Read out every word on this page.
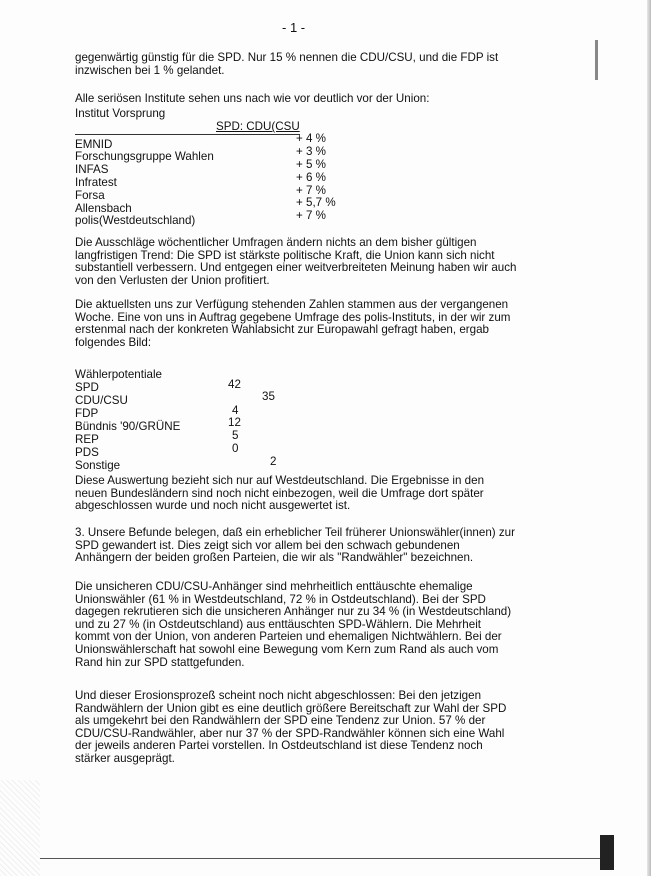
- 1 -

gegenwärtig günstig für die SPD. Nur 15 % nennen die CDU/CSU, und die FDP ist

inzwischen bei 1 % gelandet.

Alle seriösen Institute sehen uns nach wie vor deutlich vor der Union:
Institut Vorsprung
SPD: CDU(CSU
EMNID
Forschungsgruppe Wahlen
INFAS
Infratest
Forsa
Allensbach
polis(Westdeutschland)
+ 4 %
+ 3 %
+ 5 %
+ 6 %
+ 7 %
+ 5,7 %
+ 7 %

Die Ausschläge wöchentlicher Umfragen ändern nichts an dem bisher gültigen

langfristigen Trend: Die SPD ist stärkste politische Kraft, die Union kann sich nicht

substantiell verbessern. Und entgegen einer weitverbreiteten Meinung haben wir auch

von den Verlusten der Union profitiert.

Die aktuellsten uns zur Verfügung stehenden Zahlen stammen aus der vergangenen

Woche. Eine von uns in Auftrag gegebene Umfrage des polis-Instituts, in der wir zum

erstenmal nach der konkreten Wahlabsicht zur Europawahl gefragt haben, ergab

folgendes Bild:

Wählerpotentiale
SPD
CDU/CSU
FDP
Bündnis '90/GRÜNE
REP
PDS
Sonstige
42
35
4
12
5
0
2

Diese Auswertung bezieht sich nur auf Westdeutschland. Die Ergebnisse in den

neuen Bundesländern sind noch nicht einbezogen, weil die Umfrage dort später

abgeschlossen wurde und noch nicht ausgewertet ist.

3. Unsere Befunde belegen, daß ein erheblicher Teil früherer Unionswähler(innen) zur

SPD gewandert ist. Dies zeigt sich vor allem bei den schwach gebundenen

Anhängern der beiden großen Parteien, die wir als "Randwähler" bezeichnen.

Die unsicheren CDU/CSU-Anhänger sind mehrheitlich enttäuschte ehemalige

Unionswähler (61 % in Westdeutschland, 72 % in Ostdeutschland). Bei der SPD

dagegen rekrutieren sich die unsicheren Anhänger nur zu 34 % (in Westdeutschland)

und zu 27 % (in Ostdeutschland) aus enttäuschten SPD-Wählern. Die Mehrheit

kommt von der Union, von anderen Parteien und ehemaligen Nichtwählern. Bei der

Unionswählerschaft hat sowohl eine Bewegung vom Kern zum Rand als auch vom

Rand hin zur SPD stattgefunden.

Und dieser Erosionsprozeß scheint noch nicht abgeschlossen: Bei den jetzigen

Randwählern der Union gibt es eine deutlich größere Bereitschaft zur Wahl der SPD

als umgekehrt bei den Randwählern der SPD eine Tendenz zur Union. 57 % der

CDU/CSU-Randwähler, aber nur 37 % der SPD-Randwähler können sich eine Wahl

der jeweils anderen Partei vorstellen. In Ostdeutschland ist diese Tendenz noch

stärker ausgeprägt.
